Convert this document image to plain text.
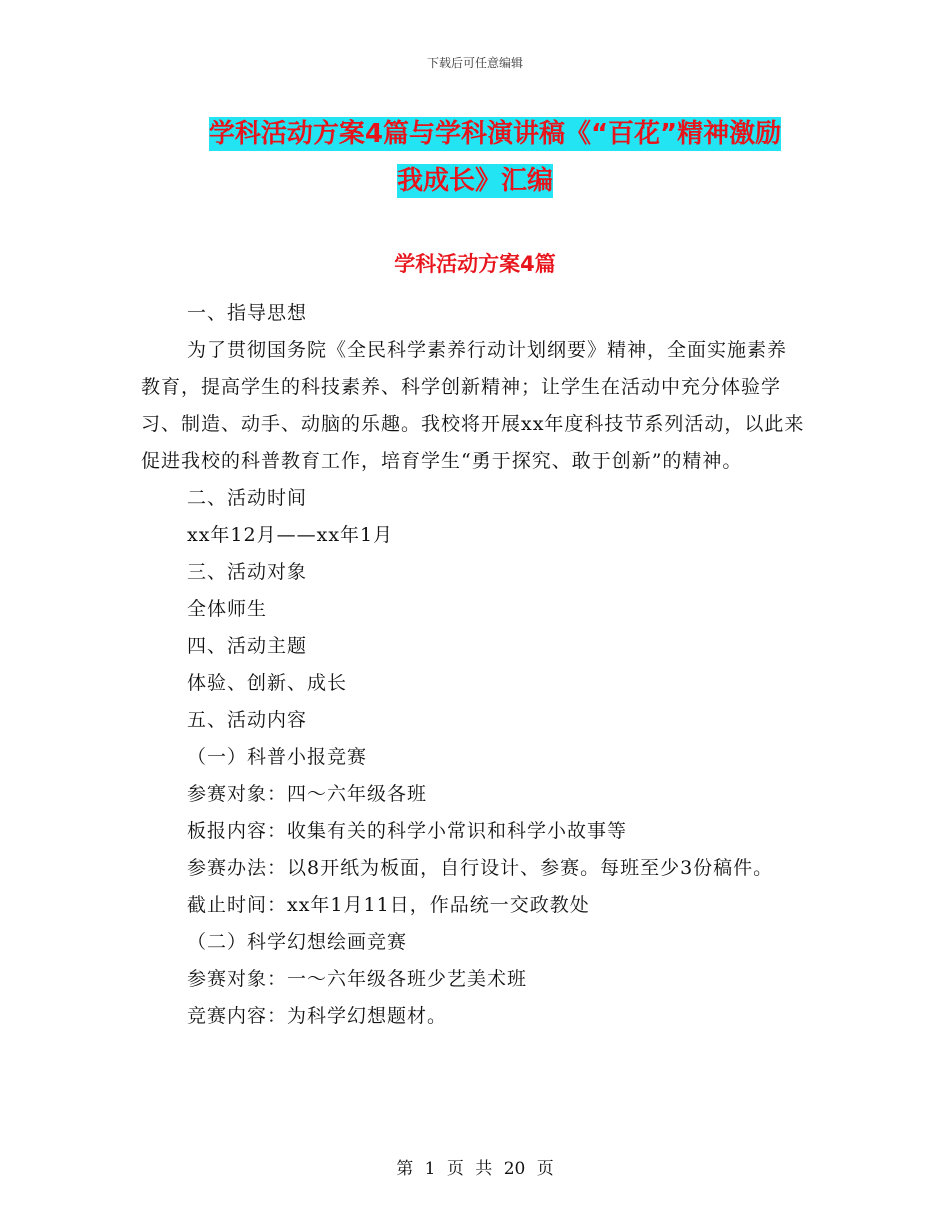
下载后可任意编辑
学科活动方案4篇与学科演讲稿《“百花”精神激励
我成长》汇编
学科活动方案4篇

一、指导思想

为了贯彻国务院《全民科学素养行动计划纲要》精神，全面实施素养教育，提高学生的科技素养、科学创新精神；让学生在活动中充分体验学习、制造、动手、动脑的乐趣。我校将开展xx年度科技节系列活动，以此来促进我校的科普教育工作，培育学生“勇于探究、敢于创新”的精神。

二、活动时间

xx年12月——xx年1月

三、活动对象

全体师生

四、活动主题

体验、创新、成长

五、活动内容

（一）科普小报竞赛

参赛对象：四～六年级各班

板报内容：收集有关的科学小常识和科学小故事等

参赛办法：以8开纸为板面，自行设计、参赛。每班至少3份稿件。

截止时间：xx年1月11日，作品统一交政教处

（二）科学幻想绘画竞赛

参赛对象：一～六年级各班少艺美术班

竞赛内容：为科学幻想题材。

第 1 页 共 20 页
